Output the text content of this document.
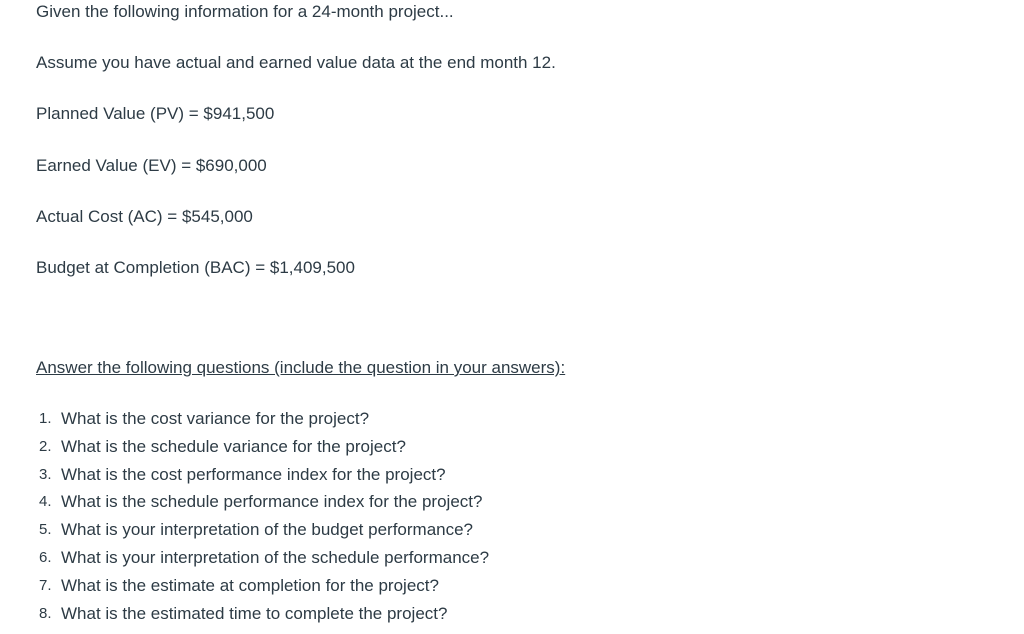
Given the following information for a 24-month project...
Assume you have actual and earned value data at the end month 12.
Planned Value (PV) = $941,500
Earned Value (EV) = $690,000
Actual Cost (AC) = $545,000
Budget at Completion (BAC) = $1,409,500
Answer the following questions (include the question in your answers):
1. What is the cost variance for the project?
2. What is the schedule variance for the project?
3. What is the cost performance index for the project?
4. What is the schedule performance index for the project?
5. What is your interpretation of the budget performance?
6. What is your interpretation of the schedule performance?
7. What is the estimate at completion for the project?
8. What is the estimated time to complete the project?
